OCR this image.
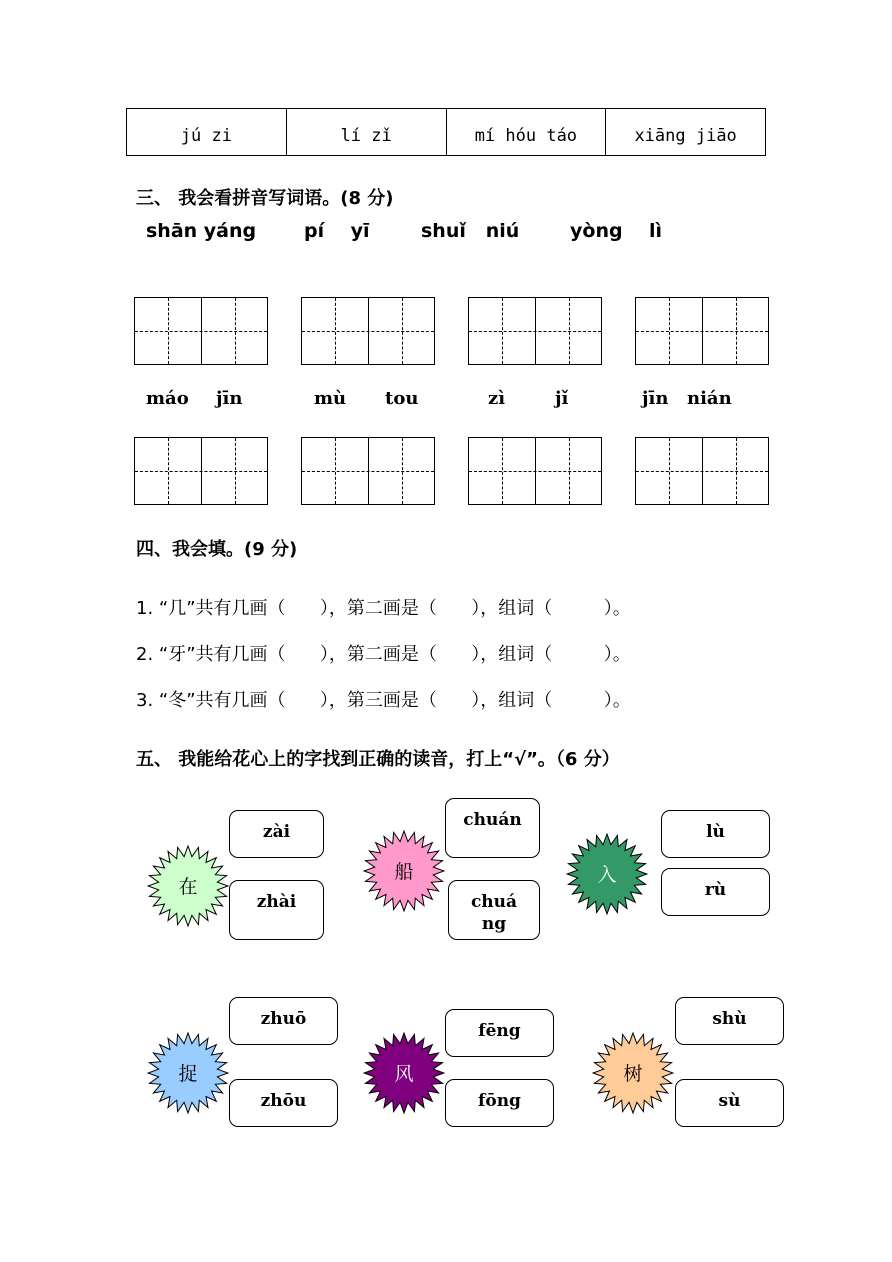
jú zi	lí zǐ	mí hóu táo	xiāng jiāo
三、 我会看拼音写词语。(8 分)
shān yáng	pí    yī	shuǐ   niú	yòng    lì
máo jīn	mù tou	zì	jǐ	jīn nián
四、我会填。(9 分)
1. “几”共有几画（      ），第二画是（      ），组词（         ）。
2. “牙”共有几画（      ），第二画是（      ），组词（         ）。
3. “冬”共有几画（      ），第三画是（      ），组词（         ）。
五、 我能给花心上的字找到正确的读音，打上“√”。（6 分）
在
zài
zhài
船
chuán
chuáng
入
lù
rù
捉
zhuō
zhōu
风
fēng
fōng
树
shù
sù
